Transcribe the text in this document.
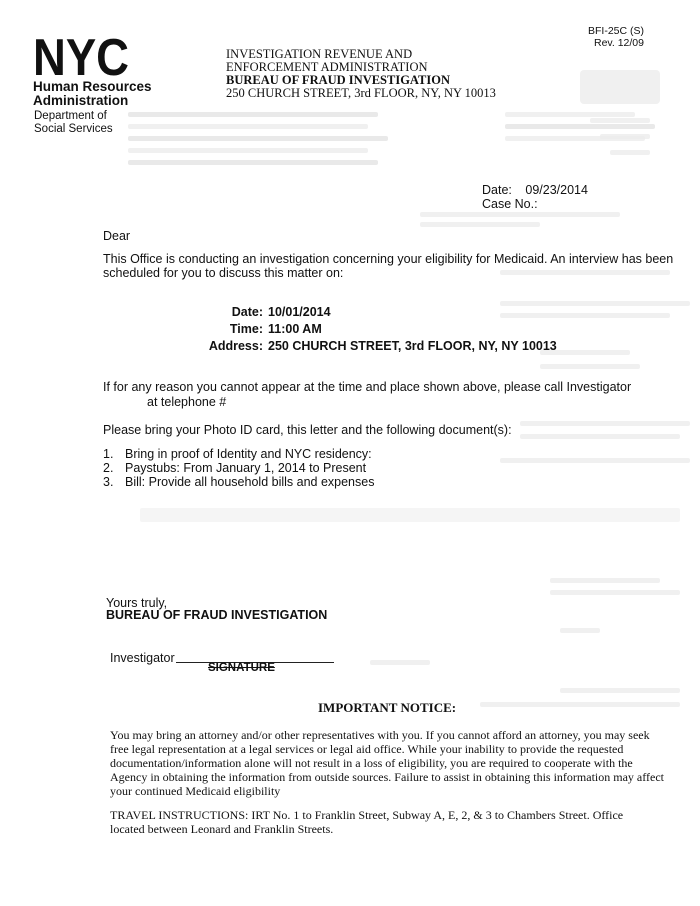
NYC
Human Resources
Administration
Department of
Social Services
BFI-25C (S)
Rev. 12/09
INVESTIGATION REVENUE AND
ENFORCEMENT ADMINISTRATION
BUREAU OF FRAUD INVESTIGATION
250 CHURCH STREET, 3rd FLOOR, NY, NY 10013
Date: 09/23/2014
Case No.:
Dear
This Office is conducting an investigation concerning your eligibility for Medicaid. An interview has been
scheduled for you to discuss this matter on:
Date: 10/01/2014
Time: 11:00 AM
Address: 250 CHURCH STREET, 3rd FLOOR, NY, NY 10013
If for any reason you cannot appear at the time and place shown above, please call Investigator
at telephone #
Please bring your Photo ID card, this letter and the following document(s):
1. Bring in proof of Identity and NYC residency:
2. Paystubs: From January 1, 2014 to Present
3. Bill: Provide all household bills and expenses
Yours truly,
BUREAU OF FRAUD INVESTIGATION
Investigator
SIGNATURE
IMPORTANT NOTICE:
You may bring an attorney and/or other representatives with you. If you cannot afford an attorney, you may seek
free legal representation at a legal services or legal aid office. While your inability to provide the requested
documentation/information alone will not result in a loss of eligibility, you are required to cooperate with the
Agency in obtaining the information from outside sources. Failure to assist in obtaining this information may affect
your continued Medicaid eligibility
TRAVEL INSTRUCTIONS: IRT No. 1 to Franklin Street, Subway A, E, 2, & 3 to Chambers Street. Office
located between Leonard and Franklin Streets.
